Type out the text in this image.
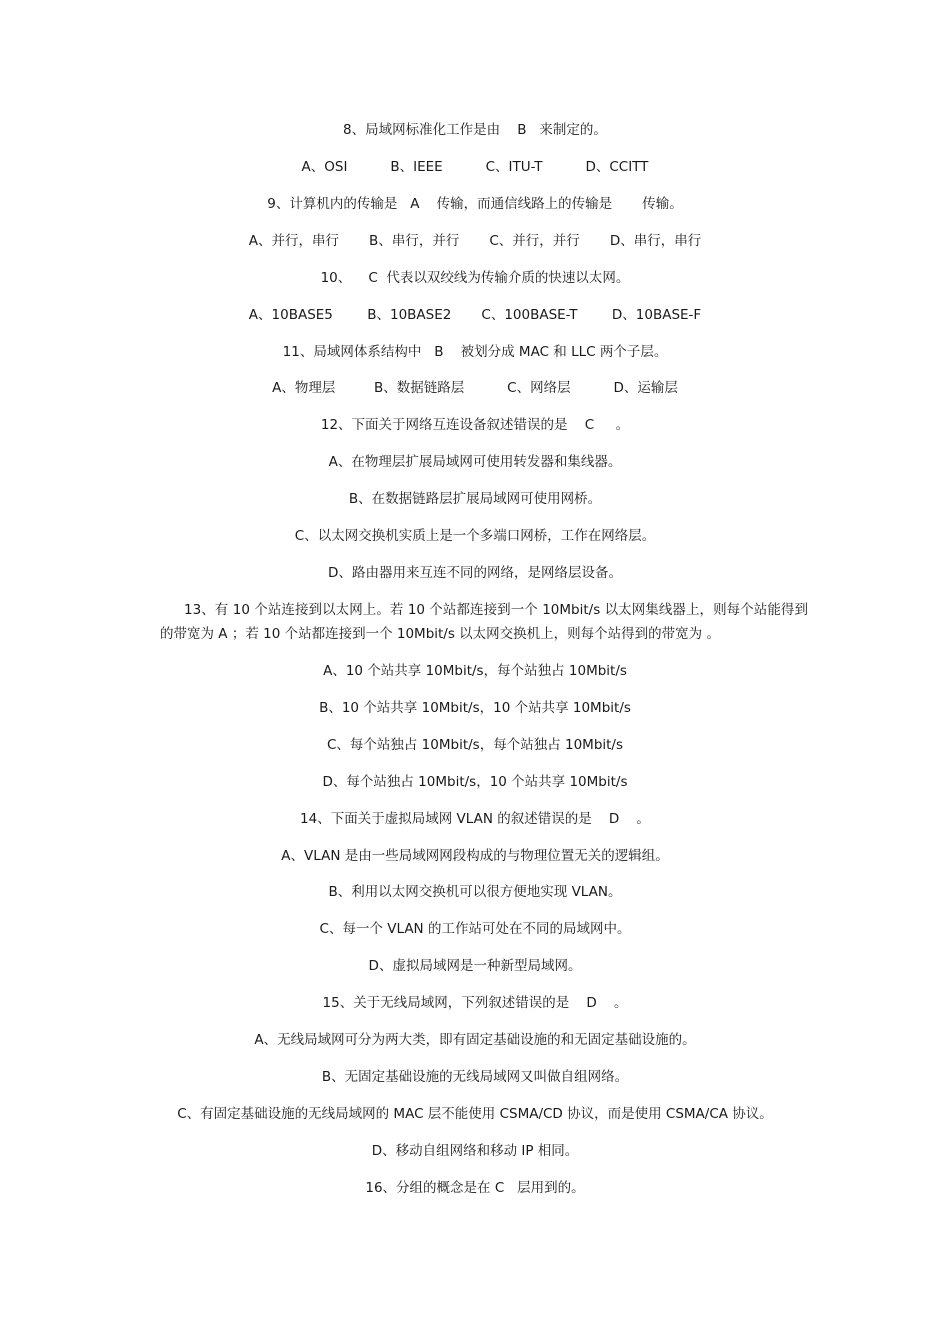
8、局域网标准化工作是由    B   来制定的。
A、OSI          B、IEEE          C、ITU-T          D、CCITT
9、计算机内的传输是   A    传输，而通信线路上的传输是       传输。
A、并行，串行       B、串行，并行       C、并行，并行       D、串行，串行
10、    C  代表以双绞线为传输介质的快速以太网。
A、10BASE5        B、10BASE2       C、100BASE-T        D、10BASE-F
11、局域网体系结构中   B    被划分成 MAC 和 LLC 两个子层。
A、物理层         B、数据链路层          C、网络层          D、运输层
12、下面关于网络互连设备叙述错误的是    C     。
A、在物理层扩展局域网可使用转发器和集线器。
B、在数据链路层扩展局域网可使用网桥。
C、以太网交换机实质上是一个多端口网桥，工作在网络层。
D、路由器用来互连不同的网络，是网络层设备。
13、有 10 个站连接到以太网上。若 10 个站都连接到一个 10Mbit/s 以太网集线器上，则每个站能得到的带宽为 A ；若 10 个站都连接到一个 10Mbit/s 以太网交换机上，则每个站得到的带宽为 。
A、10 个站共享 10Mbit/s，每个站独占 10Mbit/s
B、10 个站共享 10Mbit/s，10 个站共享 10Mbit/s
C、每个站独占 10Mbit/s，每个站独占 10Mbit/s
D、每个站独占 10Mbit/s，10 个站共享 10Mbit/s
14、下面关于虚拟局域网 VLAN 的叙述错误的是    D    。
A、VLAN 是由一些局域网网段构成的与物理位置无关的逻辑组。
B、利用以太网交换机可以很方便地实现 VLAN。
C、每一个 VLAN 的工作站可处在不同的局域网中。
D、虚拟局域网是一种新型局域网。
15、关于无线局域网，下列叙述错误的是    D    。
A、无线局域网可分为两大类，即有固定基础设施的和无固定基础设施的。
B、无固定基础设施的无线局域网又叫做自组网络。
C、有固定基础设施的无线局域网的 MAC 层不能使用 CSMA/CD 协议，而是使用 CSMA/CA 协议。
D、移动自组网络和移动 IP 相同。
16、分组的概念是在 C   层用到的。
